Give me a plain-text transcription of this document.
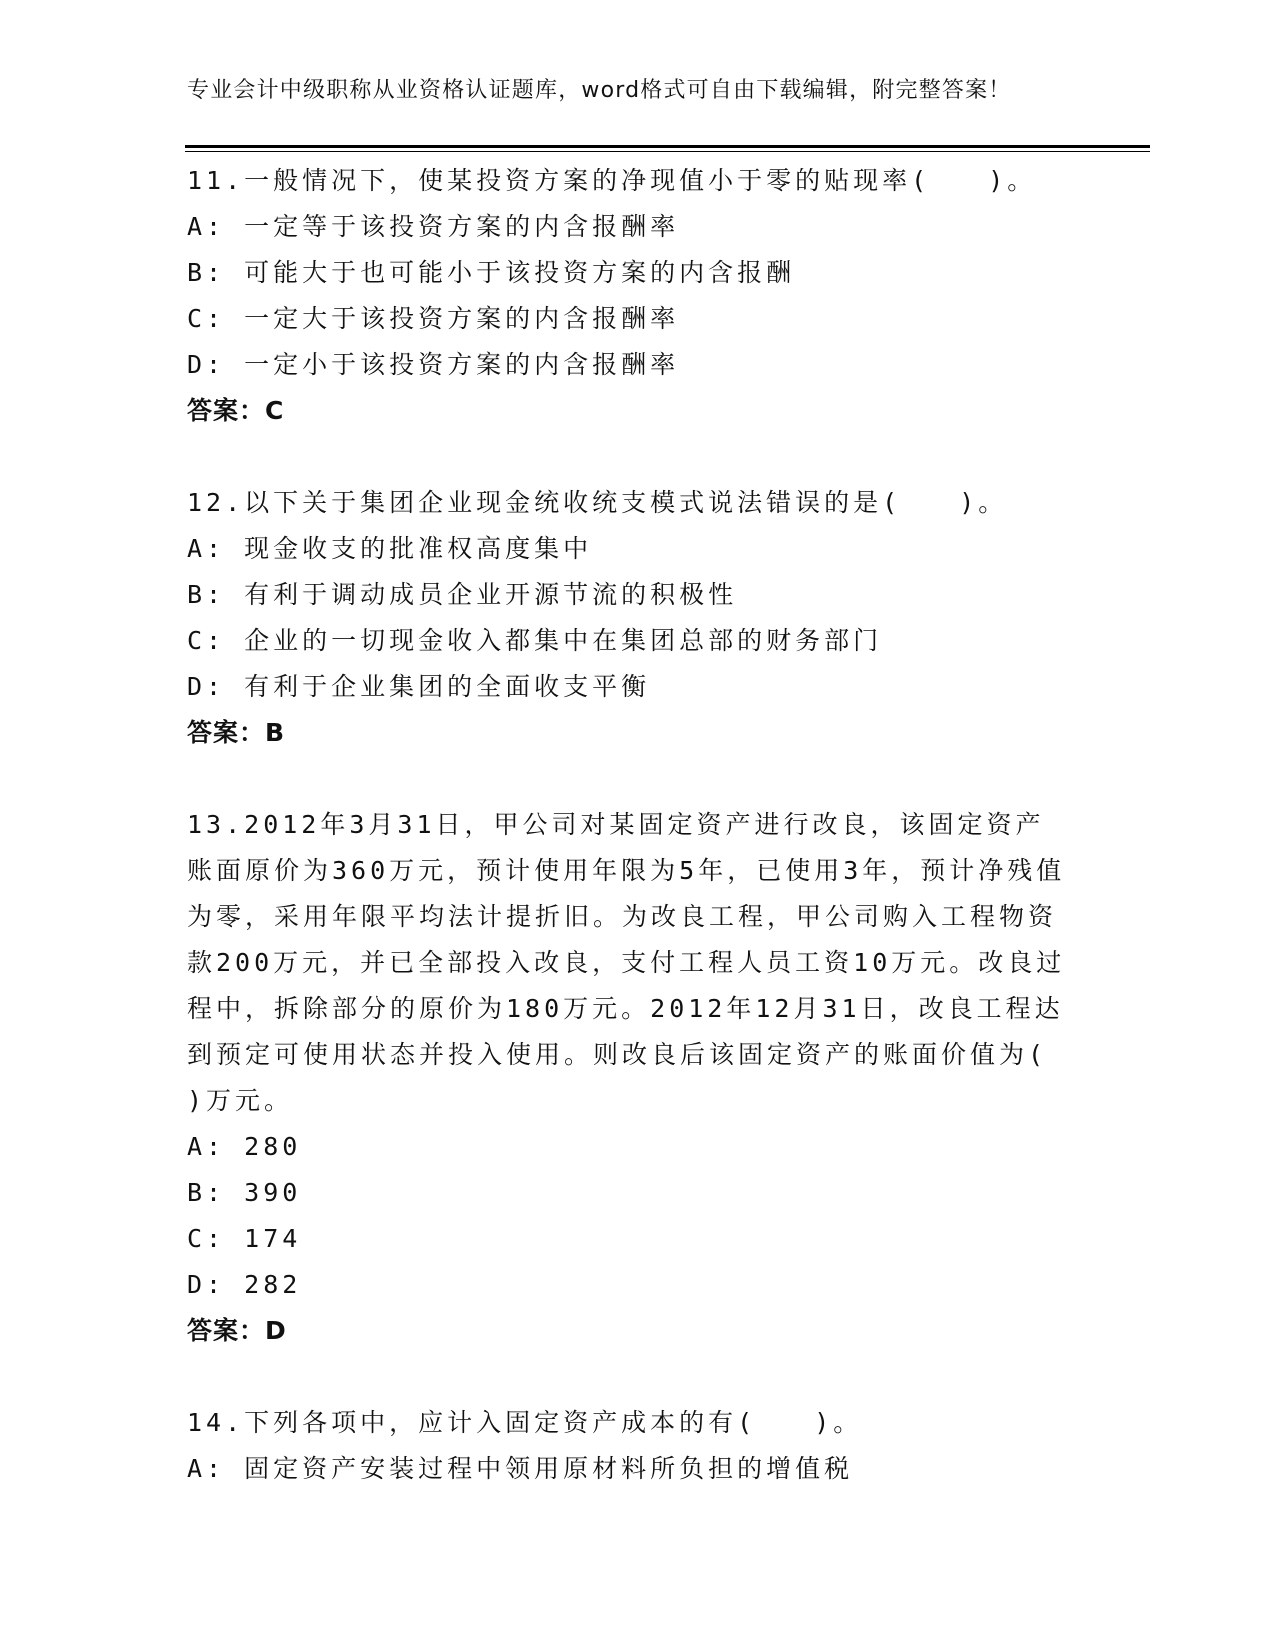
专业会计中级职称从业资格认证题库，word格式可自由下载编辑，附完整答案！

11.一般情况下，使某投资方案的净现值小于零的贴现率(　　)。

A: 一定等于该投资方案的内含报酬率

B: 可能大于也可能小于该投资方案的内含报酬

C: 一定大于该投资方案的内含报酬率

D: 一定小于该投资方案的内含报酬率

答案：C

12.以下关于集团企业现金统收统支模式说法错误的是(　　)。

A: 现金收支的批准权高度集中

B: 有利于调动成员企业开源节流的积极性

C: 企业的一切现金收入都集中在集团总部的财务部门

D: 有利于企业集团的全面收支平衡

答案：B

13.2012年3月31日，甲公司对某固定资产进行改良，该固定资产账面原价为360万元，预计使用年限为5年，已使用3年，预计净残值为零，采用年限平均法计提折旧。为改良工程，甲公司购入工程物资款200万元，并已全部投入改良，支付工程人员工资10万元。改良过程中，拆除部分的原价为180万元。2012年12月31日，改良工程达到预定可使用状态并投入使用。则改良后该固定资产的账面价值为( )万元。

A: 280

B: 390

C: 174

D: 282

答案：D

14.下列各项中，应计入固定资产成本的有(　　)。

A: 固定资产安装过程中领用原材料所负担的增值税
